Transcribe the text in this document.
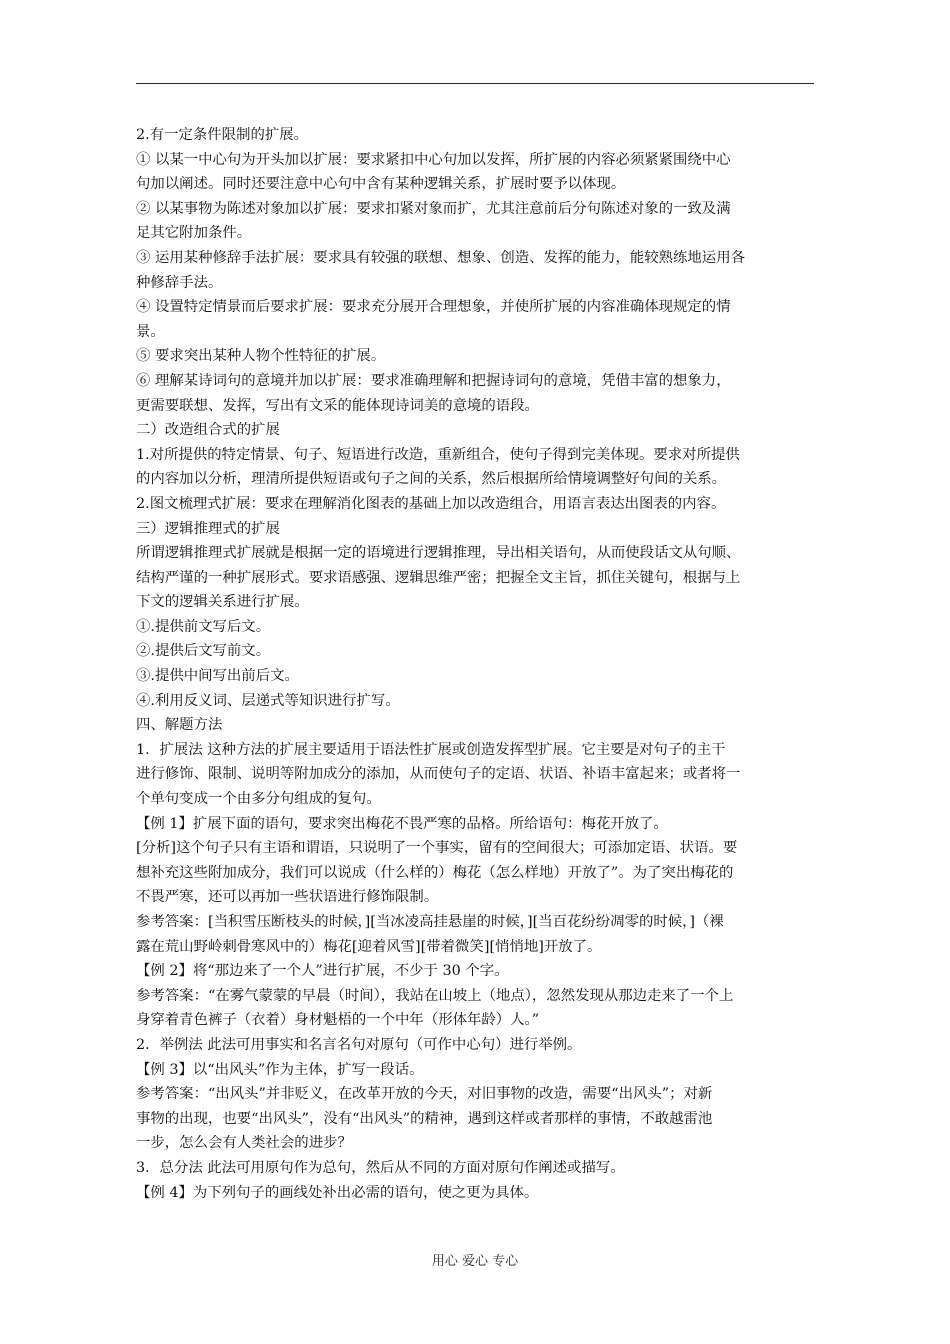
2.有一定条件限制的扩展。

① 以某一中心句为开头加以扩展：要求紧扣中心句加以发挥，所扩展的内容必须紧紧围绕中心

句加以阐述。同时还要注意中心句中含有某种逻辑关系，扩展时要予以体现。

② 以某事物为陈述对象加以扩展：要求扣紧对象而扩，尤其注意前后分句陈述对象的一致及满

足其它附加条件。

③ 运用某种修辞手法扩展：要求具有较强的联想、想象、创造、发挥的能力，能较熟练地运用各

种修辞手法。

④ 设置特定情景而后要求扩展：要求充分展开合理想象，并使所扩展的内容准确体现规定的情

景。

⑤ 要求突出某种人物个性特征的扩展。

⑥ 理解某诗词句的意境并加以扩展：要求准确理解和把握诗词句的意境，凭借丰富的想象力，

更需要联想、发挥，写出有文采的能体现诗词美的意境的语段。

二）改造组合式的扩展

1.对所提供的特定情景、句子、短语进行改造，重新组合，使句子得到完美体现。要求对所提供

的内容加以分析，理清所提供短语或句子之间的关系，然后根据所给情境调整好句间的关系。

2.图文梳理式扩展：要求在理解消化图表的基础上加以改造组合，用语言表达出图表的内容。

三）逻辑推理式的扩展

所谓逻辑推理式扩展就是根据一定的语境进行逻辑推理，导出相关语句，从而使段话文从句顺、

结构严谨的一种扩展形式。要求语感强、逻辑思维严密；把握全文主旨，抓住关键句，根据与上

下文的逻辑关系进行扩展。

①.提供前文写后文。

②.提供后文写前文。

③.提供中间写出前后文。

④.利用反义词、层递式等知识进行扩写。

四、解题方法

1．扩展法 这种方法的扩展主要适用于语法性扩展或创造发挥型扩展。它主要是对句子的主干

进行修饰、限制、说明等附加成分的添加，从而使句子的定语、状语、补语丰富起来；或者将一

个单句变成一个由多分句组成的复句。

【例 1】扩展下面的语句，要求突出梅花不畏严寒的品格。所给语句：梅花开放了。

[分析]这个句子只有主语和谓语，只说明了一个事实，留有的空间很大；可添加定语、状语。要

想补充这些附加成分，我们可以说成（什么样的）梅花（怎么样地）开放了”。为了突出梅花的

不畏严寒，还可以再加一些状语进行修饰限制。

参考答案：[当积雪压断枝头的时候，][当冰凌高挂悬崖的时候，][当百花纷纷凋零的时候，]（裸

露在荒山野岭刺骨寒风中的）梅花[迎着风雪][带着微笑][悄悄地]开放了。

【例 2】将“那边来了一个人”进行扩展，不少于 30 个字。

参考答案：“在雾气蒙蒙的早晨（时间），我站在山坡上（地点），忽然发现从那边走来了一个上

身穿着青色裤子（衣着）身材魁梧的一个中年（形体年龄）人。”

2．举例法 此法可用事实和名言名句对原句（可作中心句）进行举例。

【例 3】以“出风头”作为主体，扩写一段话。

参考答案：“出风头”并非贬义，在改革开放的今天，对旧事物的改造，需要“出风头”；对新

事物的出现，也要“出风头”，没有“出风头”的精神，遇到这样或者那样的事情，不敢越雷池

一步，怎么会有人类社会的进步？

3．总分法 此法可用原句作为总句，然后从不同的方面对原句作阐述或描写。

【例 4】为下列句子的画线处补出必需的语句，使之更为具体。

用心 爱心 专心
